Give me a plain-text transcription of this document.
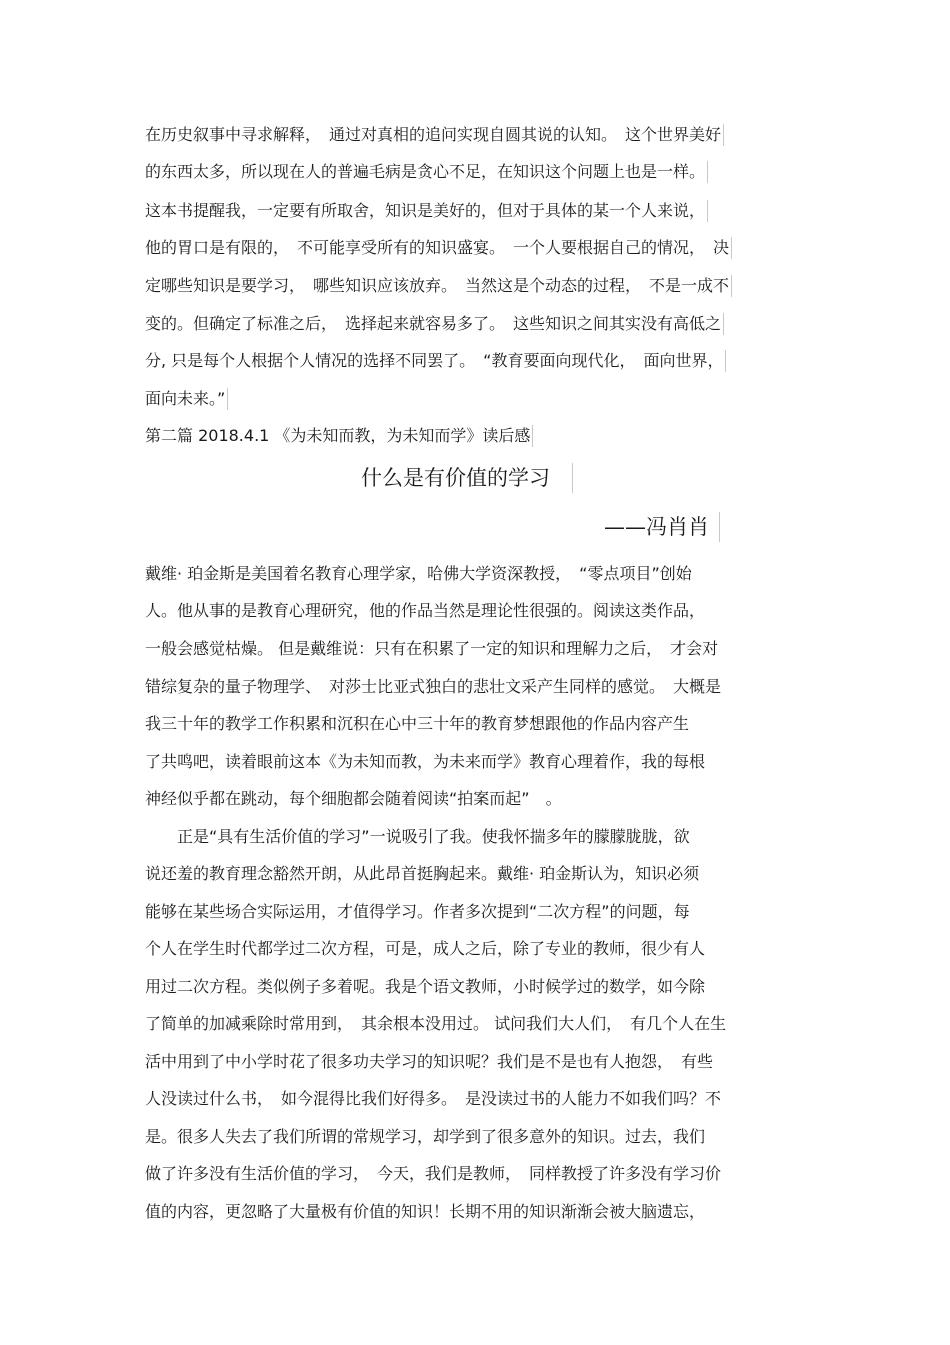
在历史叙事中寻求解释，　通过对真相的追问实现自圆其说的认知。　这个世界美好
的东西太多，所以现在人的普遍毛病是贪心不足，在知识这个问题上也是一样。
这本书提醒我，一定要有所取舍，知识是美好的，但对于具体的某一个人来说，
他的胃口是有限的，　不可能享受所有的知识盛宴。　一个人要根据自己的情况，　决
定哪些知识是要学习，　哪些知识应该放弃。　当然这是个动态的过程，　不是一成不
变的。但确定了标准之后，　选择起来就容易多了。　这些知识之间其实没有高低之
分, 只是每个人根据个人情况的选择不同罢了。　“教育要面向现代化，　面向世界，
面向未来。”
第二篇 2018.4.1 《为未知而教，为未知而学》读后感
什么是有价值的学习
——冯肖肖
戴维· 珀金斯是美国着名教育心理学家，哈佛大学资深教授，　“零点项目”创始
人。他从事的是教育心理研究，他的作品当然是理论性很强的。阅读这类作品，
一般会感觉枯燥。 但是戴维说：只有在积累了一定的知识和理解力之后，　才会对
错综复杂的量子物理学、　对莎士比亚式独白的悲壮文采产生同样的感觉。　大概是
我三十年的教学工作积累和沉积在心中三十年的教育梦想跟他的作品内容产生
了共鸣吧，读着眼前这本《为未知而教，为未来而学》教育心理着作，我的每根
神经似乎都在跳动，每个细胞都会随着阅读“拍案而起”　。
　　正是“具有生活价值的学习”一说吸引了我。使我怀揣多年的朦朦胧胧，欲
说还羞的教育理念豁然开朗，从此昂首挺胸起来。戴维· 珀金斯认为，知识必须
能够在某些场合实际运用，才值得学习。作者多次提到“二次方程”的问题，每
个人在学生时代都学过二次方程，可是，成人之后，除了专业的教师，很少有人
用过二次方程。类似例子多着呢。我是个语文教师，小时候学过的数学，如今除
了简单的加减乘除时常用到，　其余根本没用过。 试问我们大人们，　有几个人在生
活中用到了中小学时花了很多功夫学习的知识呢？我们是不是也有人抱怨，　有些
人没读过什么书，　如今混得比我们好得多。　是没读过书的人能力不如我们吗？不
是。很多人失去了我们所谓的常规学习，却学到了很多意外的知识。过去，我们
做了许多没有生活价值的学习，　今天，我们是教师，　同样教授了许多没有学习价
值的内容，更忽略了大量极有价值的知识！长期不用的知识渐渐会被大脑遗忘，
